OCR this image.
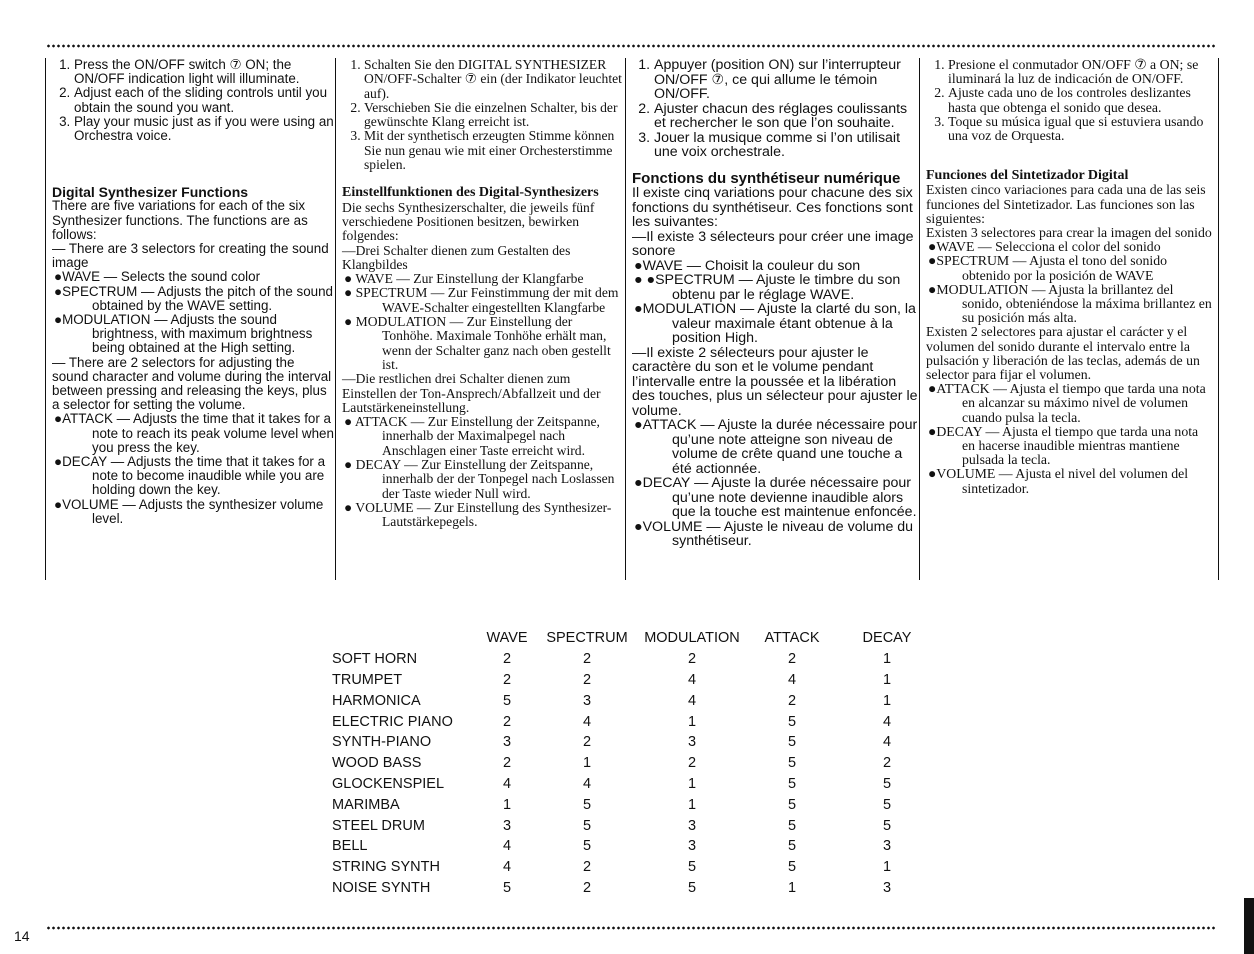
1. Press the ON/OFF switch ⑦ ON; the ON/OFF indication light will illuminate.
2. Adjust each of the sliding controls until you obtain the sound you want.
3. Play your music just as if you were using an Orchestra voice.
Digital Synthesizer Functions

There are five variations for each of the six Synthesizer functions. The functions are as follows:

— There are 3 selectors for creating the sound image

●WAVE — Selects the sound color

●SPECTRUM — Adjusts the pitch of the sound obtained by the WAVE setting.

●MODULATION — Adjusts the sound brightness, with maximum brightness being obtained at the High setting.

— There are 2 selectors for adjusting the sound character and volume during the interval between pressing and releasing the keys, plus a selector for setting the volume.

●ATTACK — Adjusts the time that it takes for a note to reach its peak volume level when you press the key.

●DECAY — Adjusts the time that it takes for a note to become inaudible while you are holding down the key.

●VOLUME — Adjusts the synthesizer volume level.

1. Schalten Sie den DIGITAL SYNTHESIZER ON/OFF-Schalter ⑦ ein (der Indikator leuchtet auf).
2. Verschieben Sie die einzelnen Schalter, bis der gewünschte Klang erreicht ist.
3. Mit der synthetisch erzeugten Stimme können Sie nun genau wie mit einer Orchesterstimme spielen.
Einstellfunktionen des Digital-Synthesizers

Die sechs Synthesizerschalter, die jeweils fünf verschiedene Positionen besitzen, bewirken folgendes:

—Drei Schalter dienen zum Gestalten des Klangbildes

● WAVE — Zur Einstellung der Klangfarbe

● SPECTRUM — Zur Feinstimmung der mit dem WAVE-Schalter eingestellten Klangfarbe

● MODULATION — Zur Einstellung der Tonhöhe. Maximale Tonhöhe erhält man, wenn der Schalter ganz nach oben gestellt ist.

—Die restlichen drei Schalter dienen zum Einstellen der Ton-Ansprech/Abfallzeit und der Lautstärkeneinstellung.

● ATTACK — Zur Einstellung der Zeitspanne, innerhalb der Maximalpegel nach Anschlagen einer Taste erreicht wird.

● DECAY — Zur Einstellung der Zeitspanne, innerhalb der der Tonpegel nach Loslassen der Taste wieder Null wird.

● VOLUME — Zur Einstellung des Synthesizer-Lautstärkepegels.

1. Appuyer (position ON) sur l’interrupteur ON/OFF ⑦, ce qui allume le témoin ON/OFF.
2. Ajuster chacun des réglages coulissants et rechercher le son que l’on souhaite.
3. Jouer la musique comme si l’on utilisait une voix orchestrale.
Fonctions du synthétiseur numérique

Il existe cinq variations pour chacune des six fonctions du synthétiseur. Ces fonctions sont les suivantes:

—Il existe 3 sélecteurs pour créer une image sonore

●WAVE — Choisit la couleur du son

● ●SPECTRUM — Ajuste le timbre du son obtenu par le réglage WAVE.

●MODULATION — Ajuste la clarté du son, la valeur maximale étant obtenue à la position High.

—Il existe 2 sélecteurs pour ajuster le caractère du son et le volume pendant l’intervalle entre la poussée et la libération des touches, plus un sélecteur pour ajuster le volume.

●ATTACK — Ajuste la durée nécessaire pour qu’une note atteigne son niveau de volume de crête quand une touche a été actionnée.

●DECAY — Ajuste la durée nécessaire pour qu’une note devienne inaudible alors que la touche est maintenue enfoncée.

●VOLUME — Ajuste le niveau de volume du synthétiseur.

1. Presione el conmutador ON/OFF ⑦ a ON; se iluminará la luz de indicación de ON/OFF.
2. Ajuste cada uno de los controles deslizantes hasta que obtenga el sonido que desea.
3. Toque su música igual que si estuviera usando una voz de Orquesta.
Funciones del Sintetizador Digital

Existen cinco variaciones para cada una de las seis funciones del Sintetizador. Las funciones son las siguientes:

Existen 3 selectores para crear la imagen del sonido

●WAVE — Selecciona el color del sonido

●SPECTRUM — Ajusta el tono del sonido obtenido por la posición de WAVE

●MODULATION — Ajusta la brillantez del sonido, obteniéndose la máxima brillantez en su posición más alta.

Existen 2 selectores para ajustar el carácter y el volumen del sonido durante el intervalo entre la pulsación y liberación de las teclas, además de un selector para fijar el volumen.

●ATTACK — Ajusta el tiempo que tarda una nota en alcanzar su máximo nivel de volumen cuando pulsa la tecla.

●DECAY — Ajusta el tiempo que tarda una nota en hacerse inaudible mientras mantiene pulsada la tecla.

●VOLUME — Ajusta el nivel del volumen del sintetizador.

	WAVE	SPECTRUM	MODULATION	ATTACK	DECAY
SOFT HORN	2	2	2	2	1
TRUMPET	2	2	4	4	1
HARMONICA	5	3	4	2	1
ELECTRIC PIANO	2	4	1	5	4
SYNTH-PIANO	3	2	3	5	4
WOOD BASS	2	1	2	5	2
GLOCKENSPIEL	4	4	1	5	5
MARIMBA	1	5	1	5	5
STEEL DRUM	3	5	3	5	5
BELL	4	5	3	5	3
STRING SYNTH	4	2	5	5	1
NOISE SYNTH	5	2	5	1	3
14
